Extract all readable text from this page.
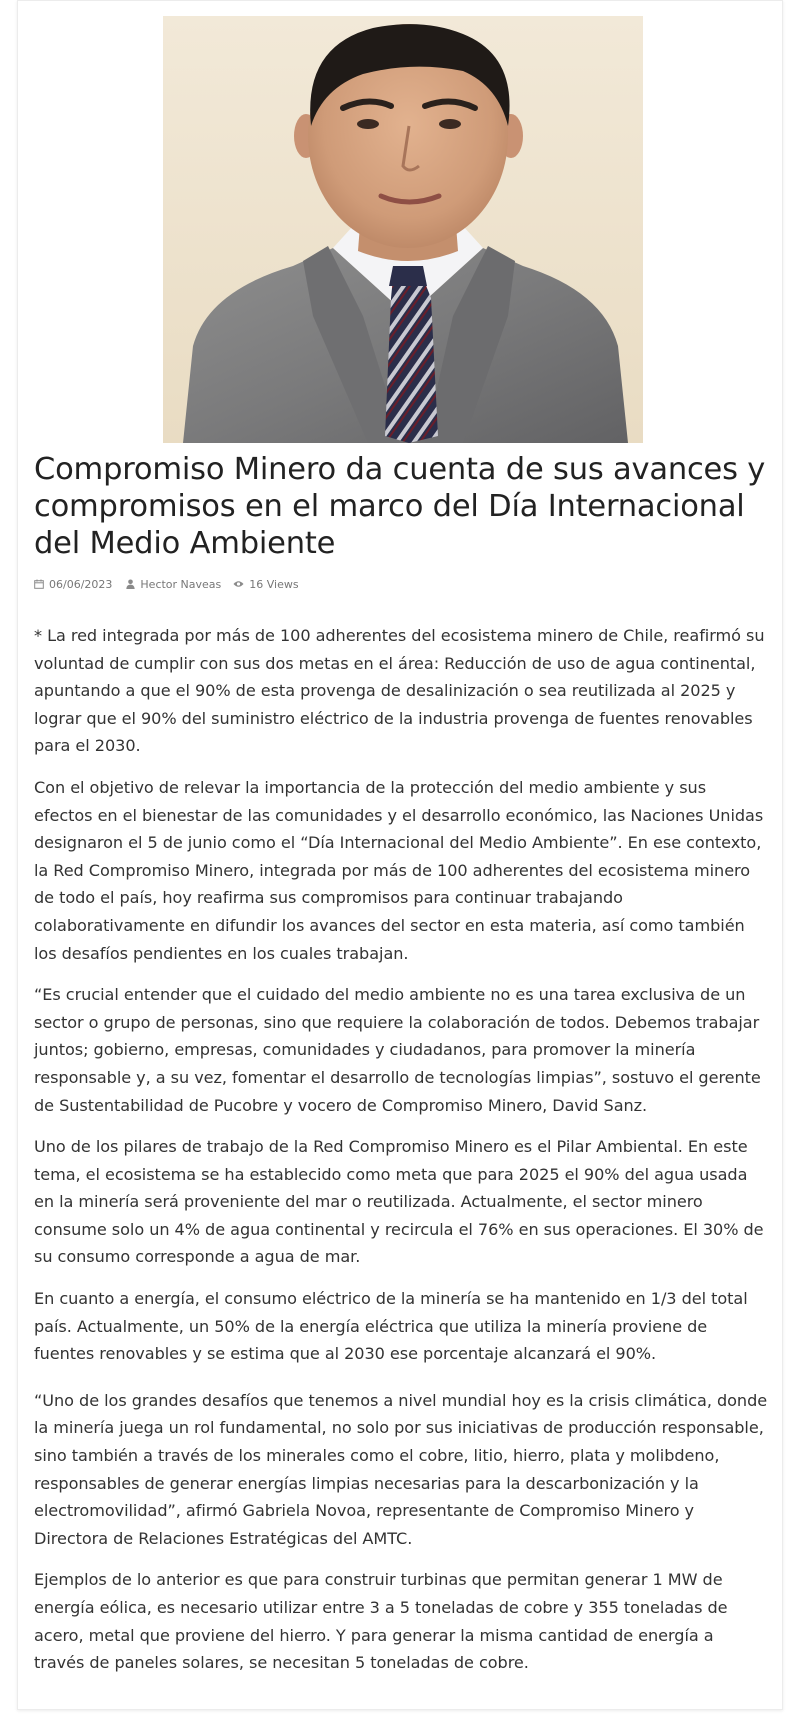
Compromiso Minero da cuenta de sus avances y compromisos en el marco del Día Internacional del Medio Ambiente
06/06/2023	Hector Naveas	16 Views

* La red integrada por más de 100 adherentes del ecosistema minero de Chile, reafirmó su voluntad de cumplir con sus dos metas en el área: Reducción de uso de agua continental, apuntando a que el 90% de esta provenga de desalinización o sea reutilizada al 2025 y lograr que el 90% del suministro eléctrico de la industria provenga de fuentes renovables para el 2030.

Con el objetivo de relevar la importancia de la protección del medio ambiente y sus efectos en el bienestar de las comunidades y el desarrollo económico, las Naciones Unidas designaron el 5 de junio como el “Día Internacional del Medio Ambiente”. En ese contexto, la Red Compromiso Minero, integrada por más de 100 adherentes del ecosistema minero de todo el país, hoy reafirma sus compromisos para continuar trabajando colaborativamente en difundir los avances del sector en esta materia, así como también los desafíos pendientes en los cuales trabajan.

“Es crucial entender que el cuidado del medio ambiente no es una tarea exclusiva de un sector o grupo de personas, sino que requiere la colaboración de todos. Debemos trabajar juntos; gobierno, empresas, comunidades y ciudadanos, para promover la minería responsable y, a su vez, fomentar el desarrollo de tecnologías limpias”, sostuvo el gerente de Sustentabilidad de Pucobre y vocero de Compromiso Minero, David Sanz.

Uno de los pilares de trabajo de la Red Compromiso Minero es el Pilar Ambiental. En este tema, el ecosistema se ha establecido como meta que para 2025 el 90% del agua usada en la minería será proveniente del mar o reutilizada. Actualmente, el sector minero consume solo un 4% de agua continental y recircula el 76% en sus operaciones. El 30% de su consumo corresponde a agua de mar.

En cuanto a energía, el consumo eléctrico de la minería se ha mantenido en 1/3 del total país. Actualmente, un 50% de la energía eléctrica que utiliza la minería proviene de fuentes renovables y se estima que al 2030 ese porcentaje alcanzará el 90%.

“Uno de los grandes desafíos que tenemos a nivel mundial hoy es la crisis climática, donde la minería juega un rol fundamental, no solo por sus iniciativas de producción responsable, sino también a través de los minerales como el cobre, litio, hierro, plata y molibdeno, responsables de generar energías limpias necesarias para la descarbonización y la electromovilidad”, afirmó Gabriela Novoa, representante de Compromiso Minero y Directora de Relaciones Estratégicas del AMTC.

Ejemplos de lo anterior es que para construir turbinas que permitan generar 1 MW de energía eólica, es necesario utilizar entre 3 a 5 toneladas de cobre y 355 toneladas de acero, metal que proviene del hierro. Y para generar la misma cantidad de energía a través de paneles solares, se necesitan 5 toneladas de cobre.
